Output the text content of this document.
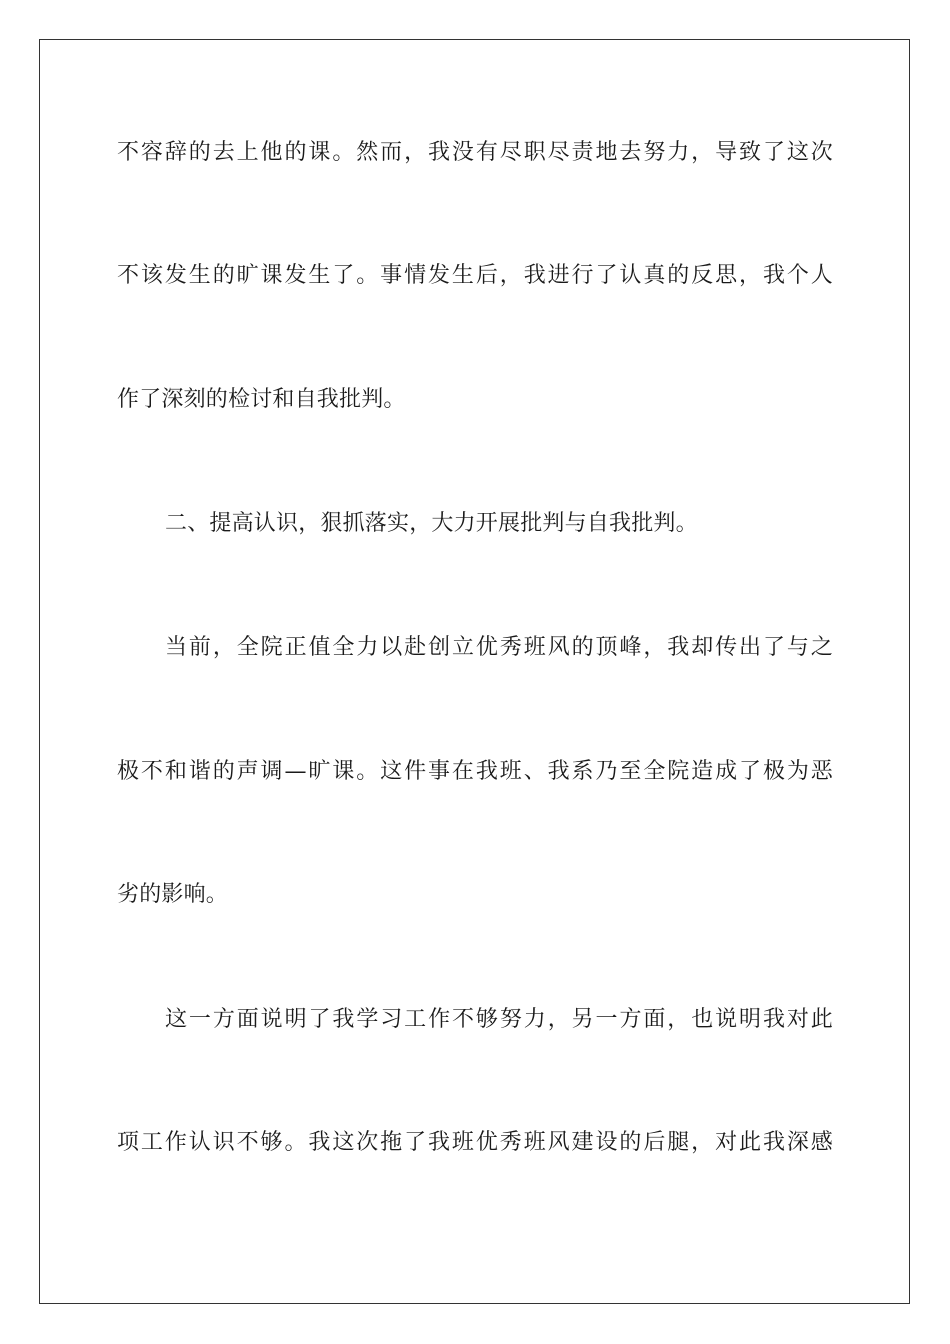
不容辞的去上他的课。然而，我没有尽职尽责地去努力，导致了这次
不该发生的旷课发生了。事情发生后，我进行了认真的反思，我个人
作了深刻的检讨和自我批判。
二、提高认识，狠抓落实，大力开展批判与自我批判。
当前，全院正值全力以赴创立优秀班风的顶峰，我却传出了与之
极不和谐的声调—旷课。这件事在我班、我系乃至全院造成了极为恶
劣的影响。
这一方面说明了我学习工作不够努力，另一方面，也说明我对此
项工作认识不够。我这次拖了我班优秀班风建设的后腿，对此我深感
